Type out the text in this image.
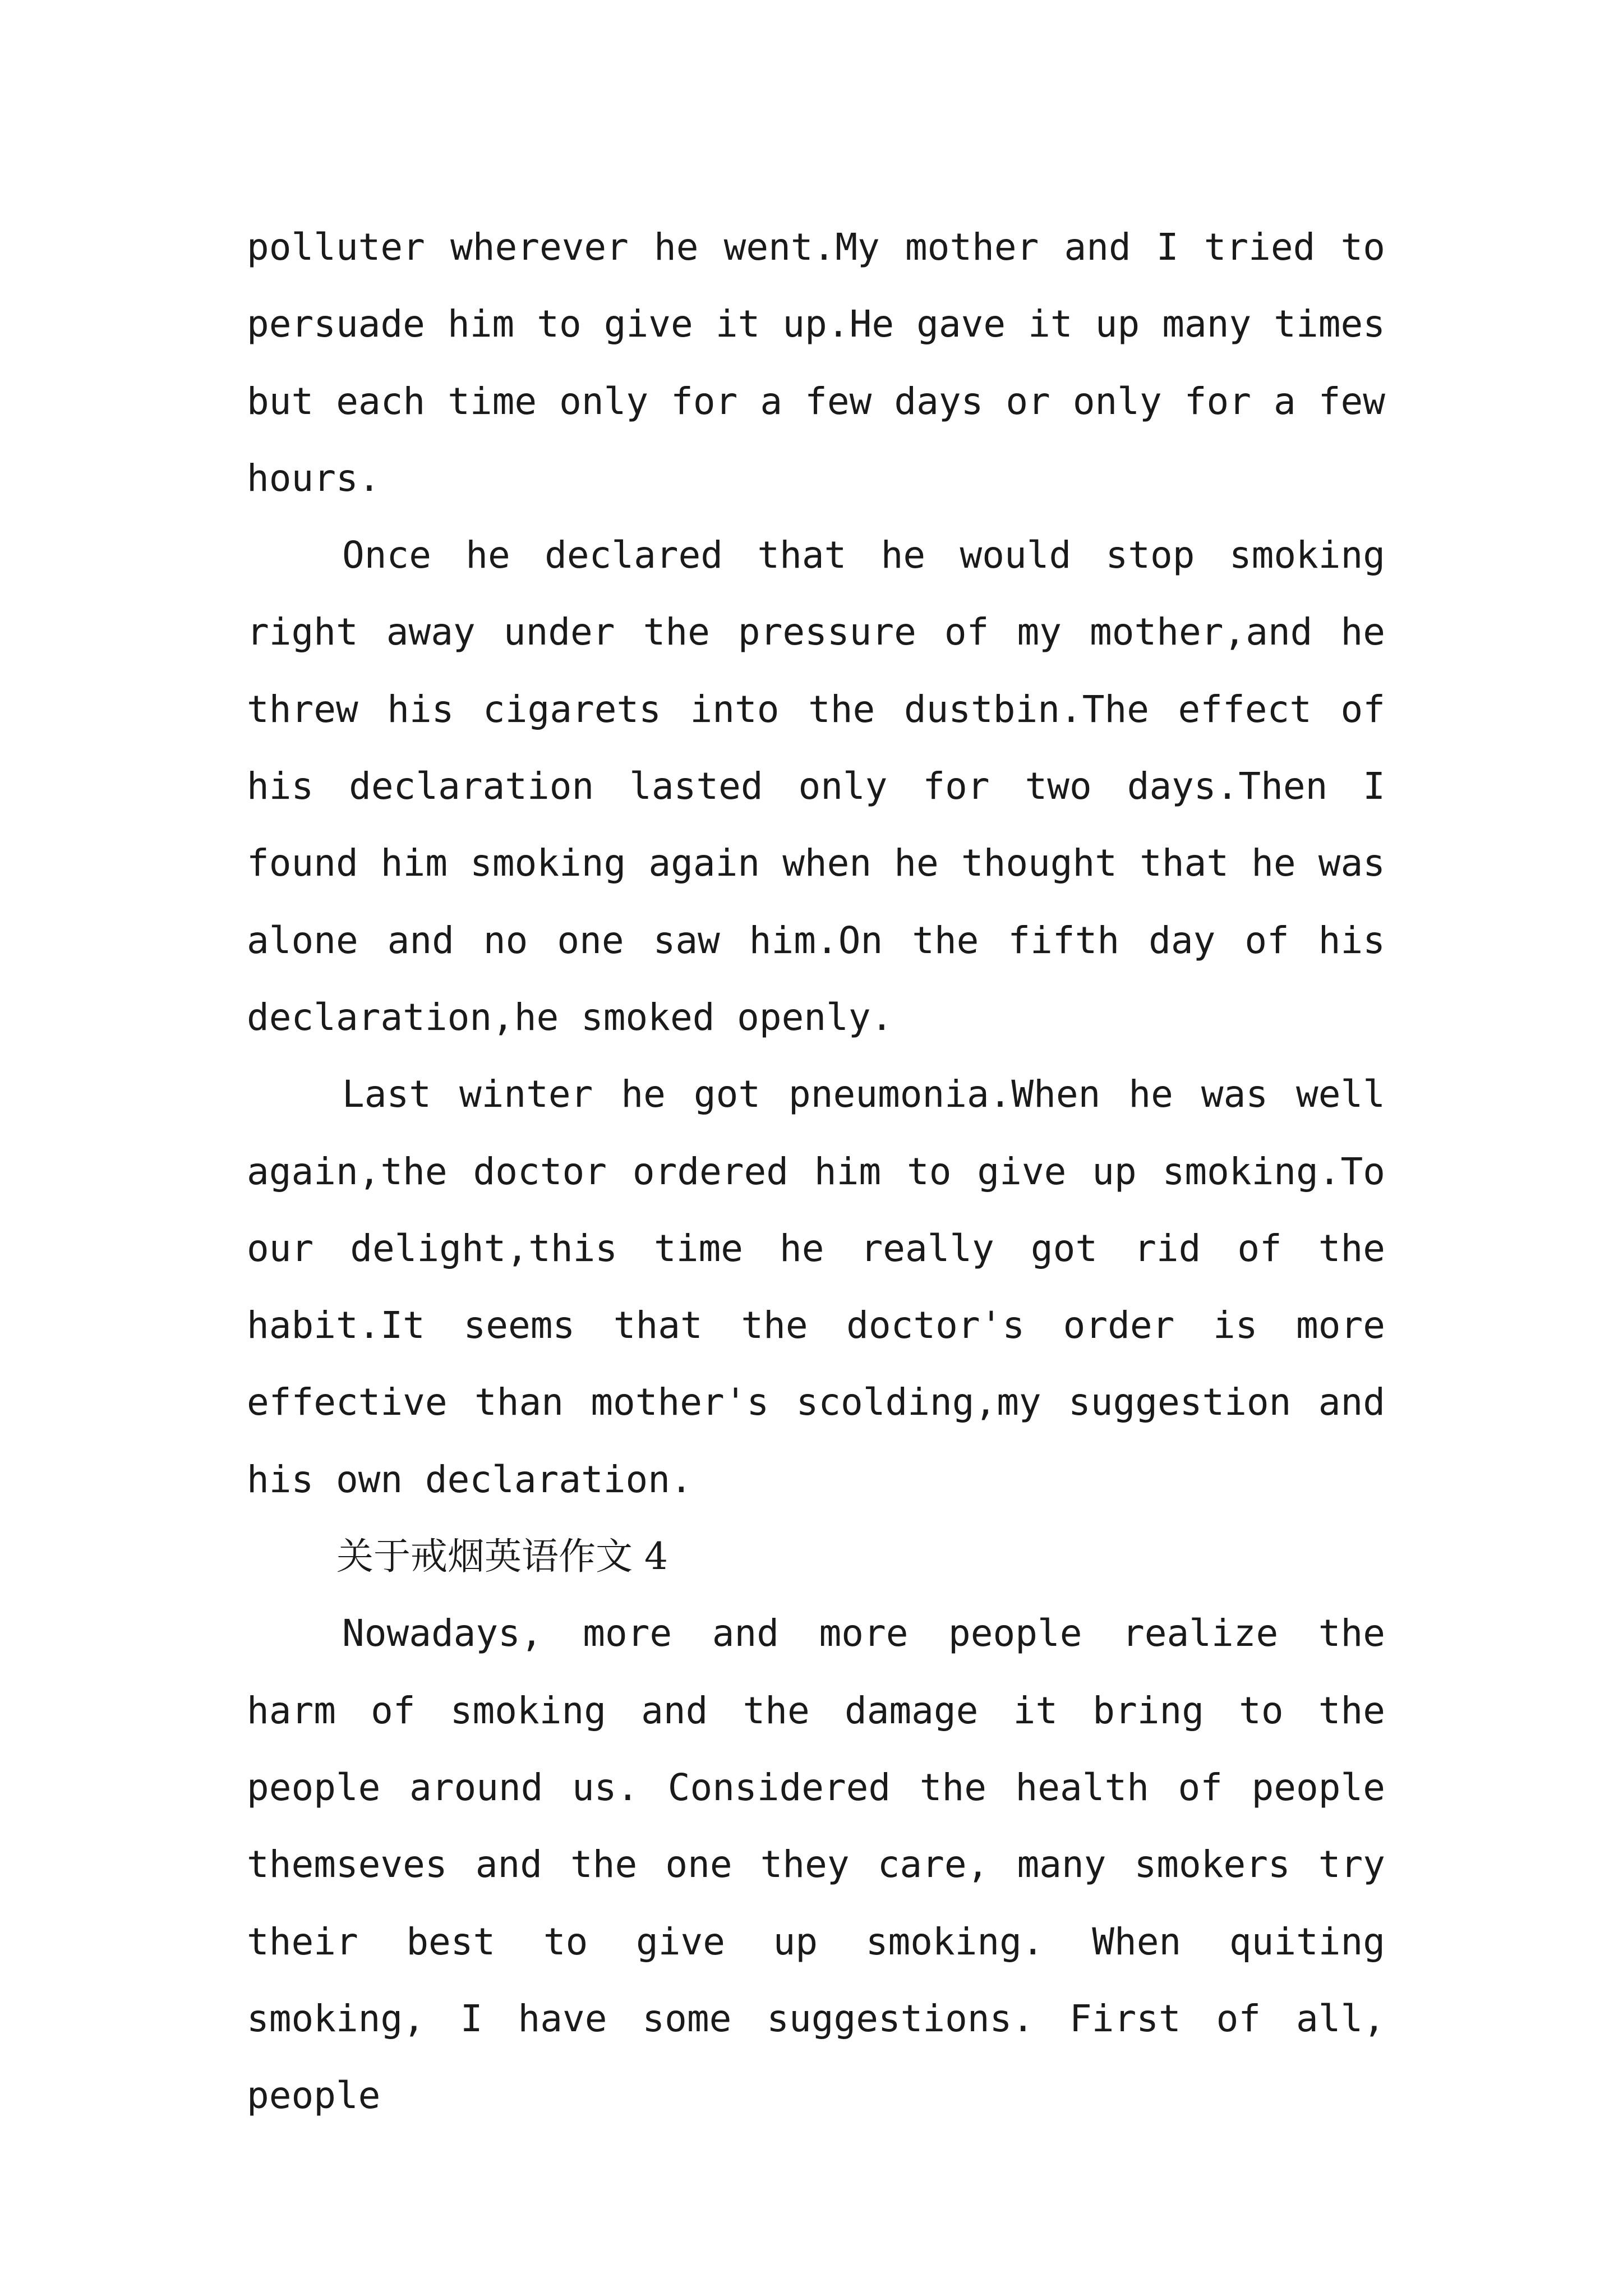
polluter wherever he went.My mother and I tried to persuade him to give it up.He gave it up many times but each time only for a few days or only for a few hours.

Once he declared that he would stop smoking right away under the pressure of my mother,and he threw his cigarets into the dustbin.The effect of his declaration lasted only for two days.Then I found him smoking again when he thought that he was alone and no one saw him.On the fifth day of his declaration,he smoked openly.

Last winter he got pneumonia.When he was well again,the doctor ordered him to give up smoking.To our delight,this time he really got rid of the habit.It seems that the doctor's order is more effective than mother's scolding,my suggestion and his own declaration.

关于戒烟英语作文 4

Nowadays, more and more people realize the harm of smoking and the damage it bring to the people around us. Considered the health of people themseves and the one they care, many smokers try their best to give up smoking. When quiting smoking, I have some suggestions. First of all, people
